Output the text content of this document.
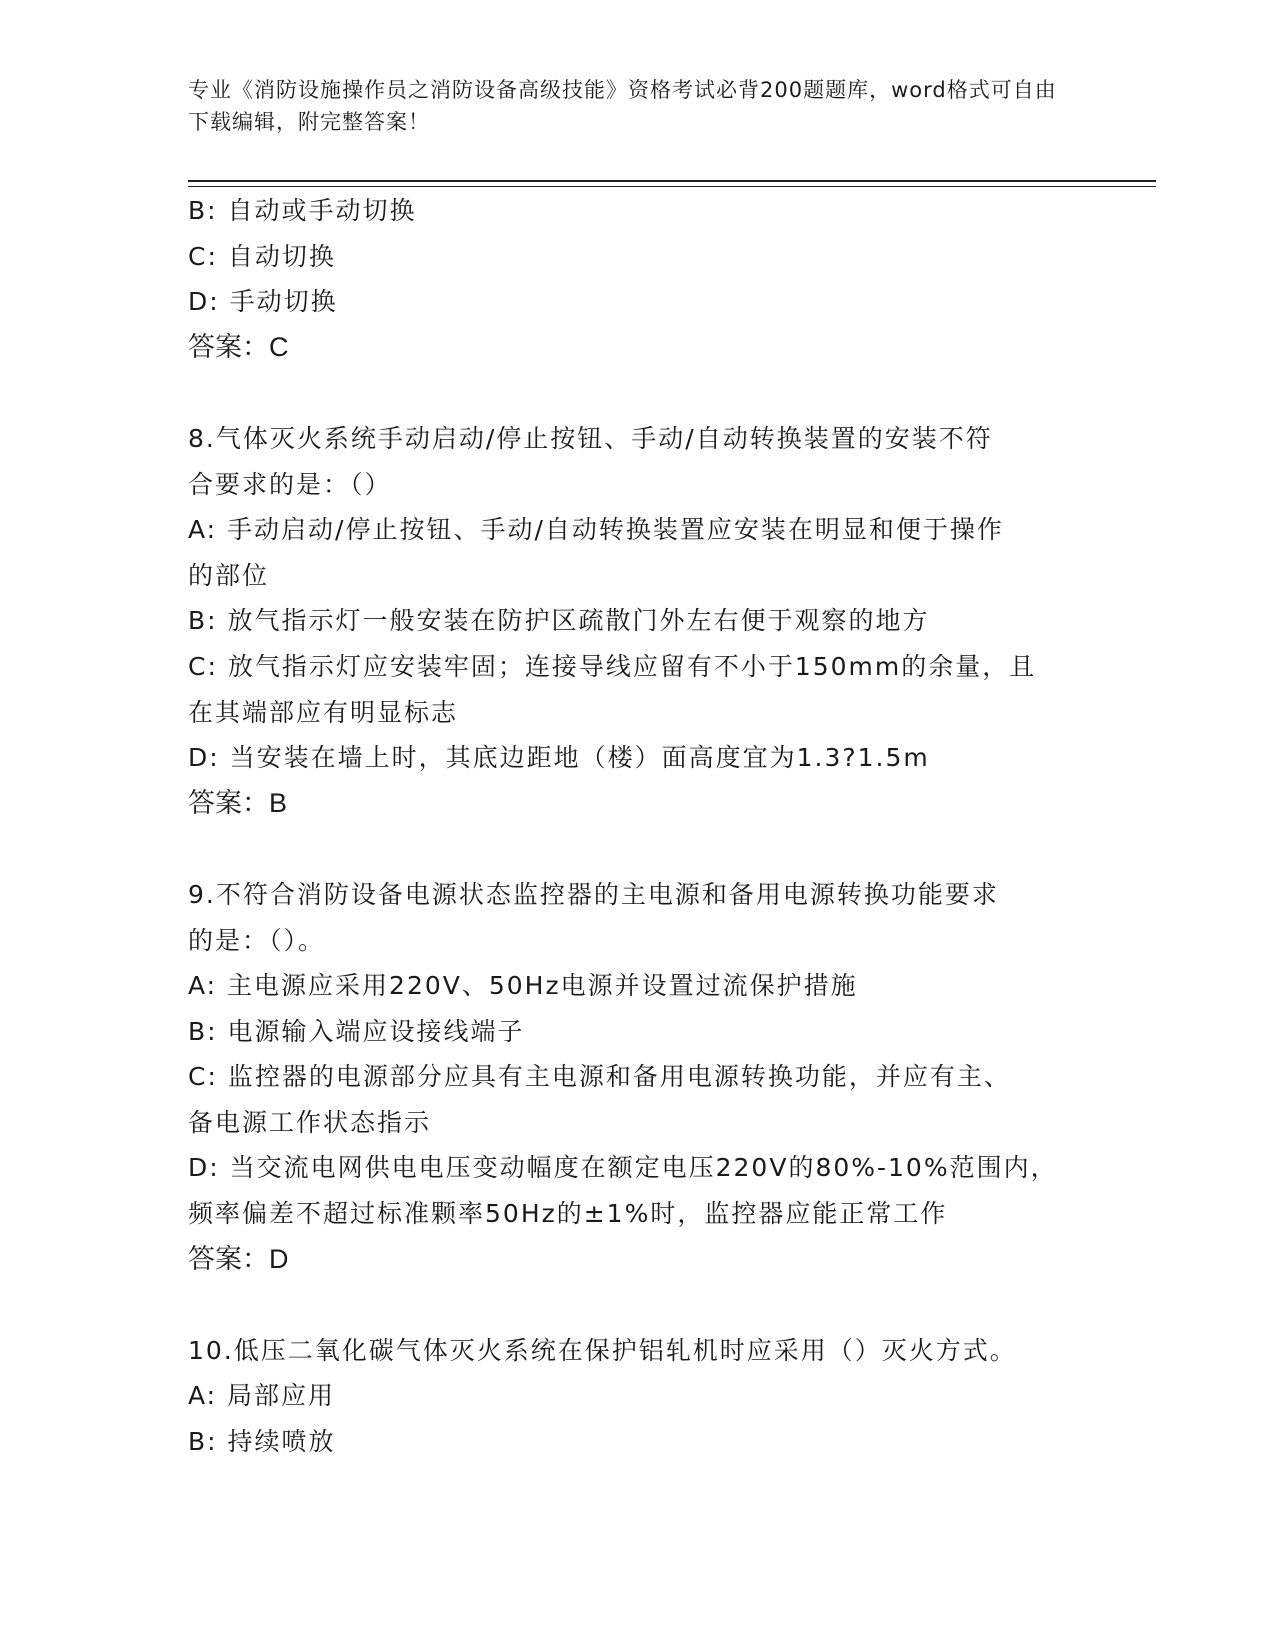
专业《消防设施操作员之消防设备高级技能》资格考试必背200题题库，word格式可自由下载编辑，附完整答案！

B: 自动或手动切换

C: 自动切换

D: 手动切换

答案：C

8.气体灭火系统手动启动/停止按钮、手动/自动转换装置的安装不符

合要求的是：（）

A: 手动启动/停止按钮、手动/自动转换装置应安装在明显和便于操作

的部位

B: 放气指示灯一般安装在防护区疏散门外左右便于观察的地方

C: 放气指示灯应安装牢固；连接导线应留有不小于150mm的余量，且

在其端部应有明显标志

D: 当安装在墙上时，其底边距地（楼）面高度宜为1.3?1.5m

答案：B

9.不符合消防设备电源状态监控器的主电源和备用电源转换功能要求

的是：（）。

A: 主电源应采用220V、50Hz电源并设置过流保护措施

B: 电源输入端应设接线端子

C: 监控器的电源部分应具有主电源和备用电源转换功能，并应有主、

备电源工作状态指示

D: 当交流电网供电电压变动幅度在额定电压220V的80%-10%范围内，

频率偏差不超过标准颗率50Hz的±1%时，监控器应能正常工作

答案：D

10.低压二氧化碳气体灭火系统在保护铝轧机时应采用（）灭火方式。

A: 局部应用

B: 持续喷放
